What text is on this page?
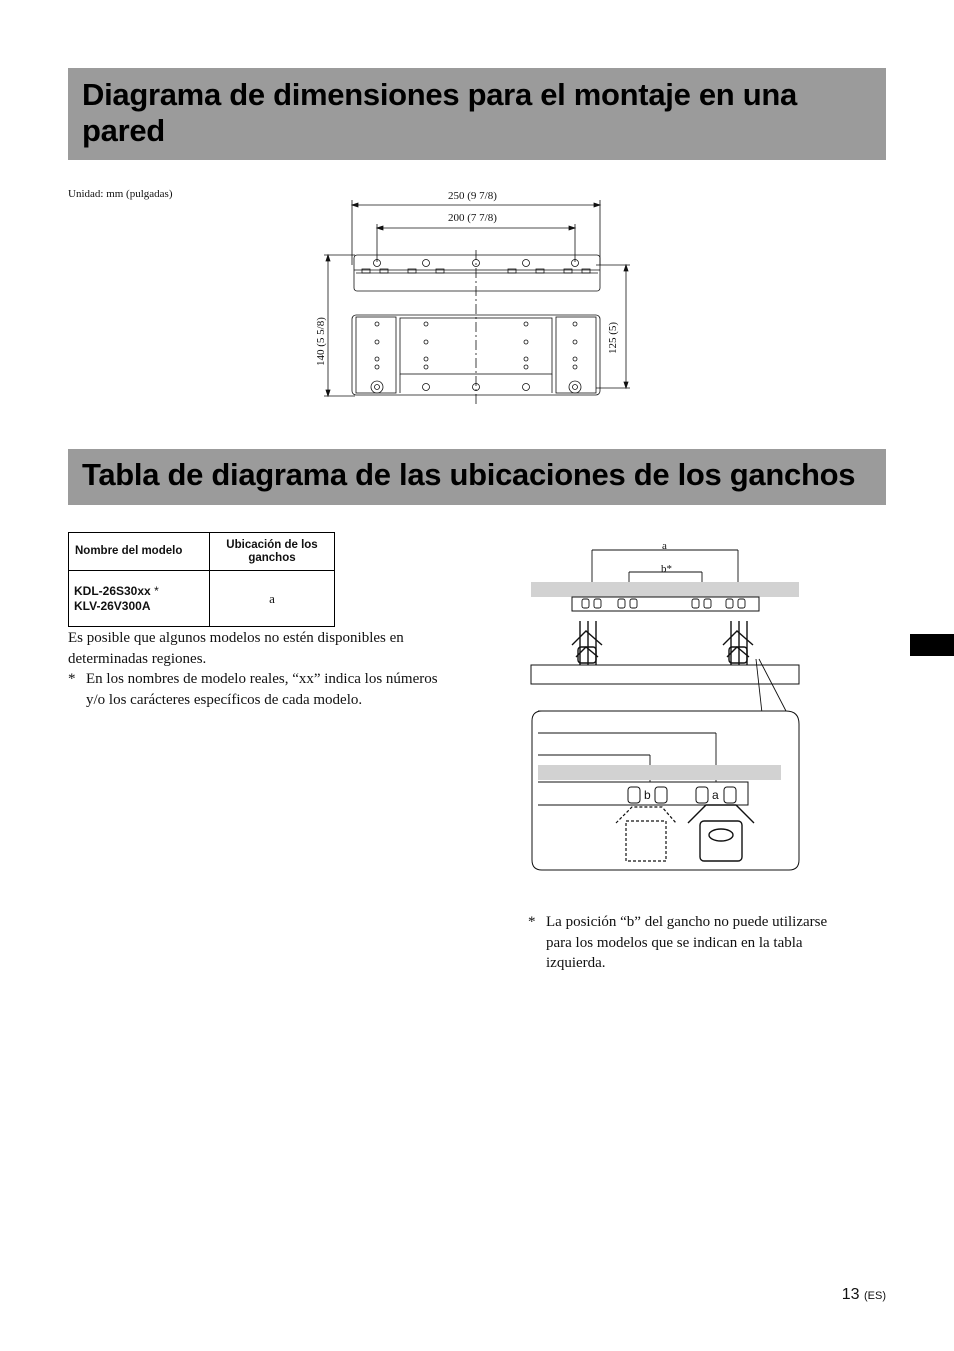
Diagrama de dimensiones para el montaje en una pared
Unidad: mm (pulgadas)	250 (9 7/8)
200 (7 7/8)
140 (5 5/8)	125 (5)
Tabla de diagrama de las ubicaciones de los ganchos
Nombre del modelo	Ubicación de los ganchos
KDL-26S30xx *
KLV-26V300A	a
Es posible que algunos modelos no estén disponibles en determinadas regiones.
* En los nombres de modelo reales, “xx” indica los números y/o los carácteres específicos de cada modelo.
a
b*
b	a
* La posición “b” del gancho no puede utilizarse para los modelos que se indican en la tabla izquierda.
13 (ES)
